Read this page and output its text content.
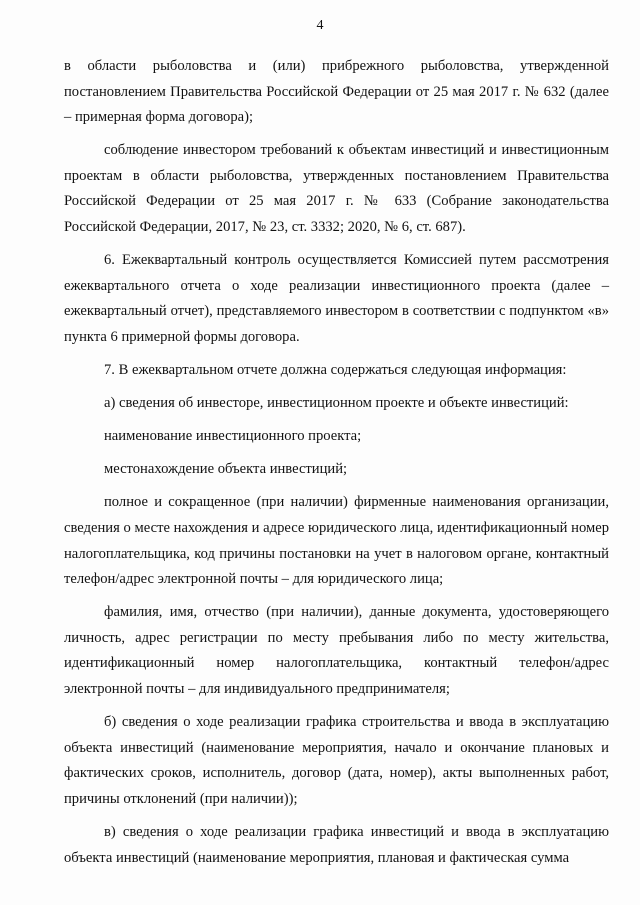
4

в области рыболовства и (или) прибрежного рыболовства, утвержденной постановлением Правительства Российской Федерации от 25 мая 2017 г. № 632 (далее – примерная форма договора);

соблюдение инвестором требований к объектам инвестиций и инвестиционным проектам в области рыболовства, утвержденных постановлением Правительства Российской Федерации от 25 мая 2017 г. № 633 (Собрание законодательства Российской Федерации, 2017, № 23, ст. 3332; 2020, № 6, ст. 687).

6. Ежеквартальный контроль осуществляется Комиссией путем рассмотрения ежеквартального отчета о ходе реализации инвестиционного проекта (далее – ежеквартальный отчет), представляемого инвестором в соответствии с подпунктом «в» пункта 6 примерной формы договора.

7. В ежеквартальном отчете должна содержаться следующая информация:

а) сведения об инвесторе, инвестиционном проекте и объекте инвестиций:

наименование инвестиционного проекта;

местонахождение объекта инвестиций;

полное и сокращенное (при наличии) фирменные наименования организации, сведения о месте нахождения и адресе юридического лица, идентификационный номер налогоплательщика, код причины постановки на учет в налоговом органе, контактный телефон/адрес электронной почты – для юридического лица;

фамилия, имя, отчество (при наличии), данные документа, удостоверяющего личность, адрес регистрации по месту пребывания либо по месту жительства, идентификационный номер налогоплательщика, контактный телефон/адрес электронной почты – для индивидуального предпринимателя;

б) сведения о ходе реализации графика строительства и ввода в эксплуатацию объекта инвестиций (наименование мероприятия, начало и окончание плановых и фактических сроков, исполнитель, договор (дата, номер), акты выполненных работ, причины отклонений (при наличии));

в) сведения о ходе реализации графика инвестиций и ввода в эксплуатацию объекта инвестиций (наименование мероприятия, плановая и фактическая сумма
